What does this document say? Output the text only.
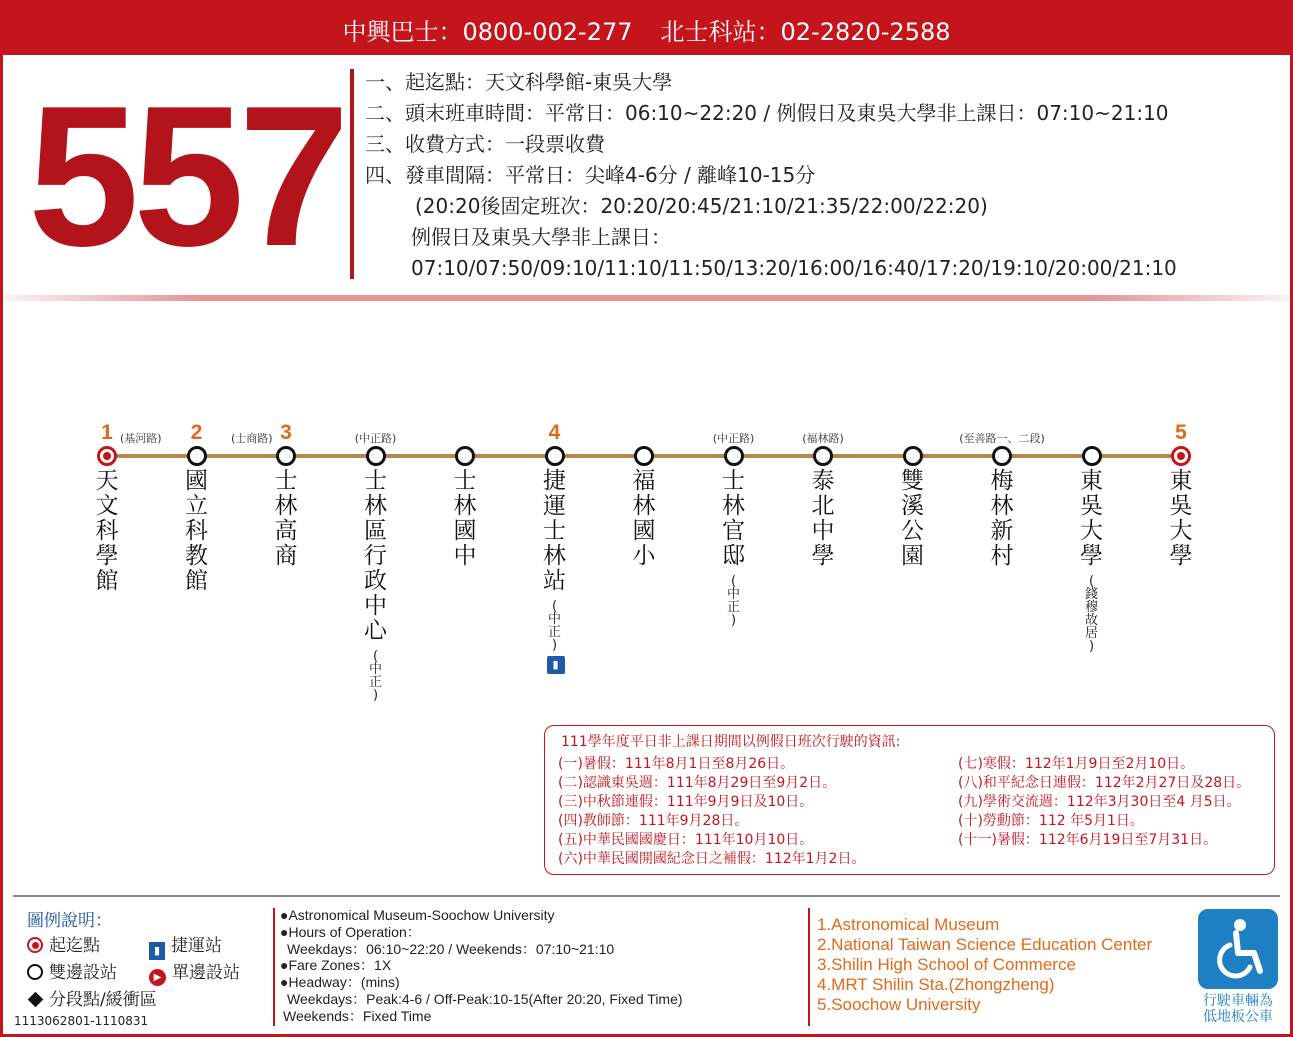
中興巴士：0800-002-277 北士科站：02-2820-2588
557 一、起迄點：天文科學館-東吳大學
二、頭末班車時間：平常日：06:10~22:20 / 例假日及東吳大學非上課日：07:10~21:10
三、收費方式：一段票收費
四、發車間隔：平常日：尖峰4-6分 / 離峰10-15分
(20:20後固定班次：20:20/20:45/21:10/21:35/22:00/22:20)
例假日及東吳大學非上課日：
07:10/07:50/09:10/11:10/11:50/13:20/16:00/16:40/17:20/19:10/20:00/21:10
1 (基河路)
天
文
科
學
館
2
國
立
科
教
館
3
(士商路)
士
林
高
商
(中正路)
士
林
區
行
政
中
心
(
中
正
)
士
林
國
中
4
捷
運
士
林
站
(
中
正
)
▮
福
林
國
小
(中正路)
士
林
官
邸
(
中
正
)
(福林路)
泰
北
中
學
雙
溪
公
園
(至善路一、二段)
梅
林
新
村
東
吳
大
學
(
錢
穆
故
居
)
5
東
吳
大
學
111學年度平日非上課日期間以例假日班次行駛的資訊:
(一)暑假：111年8月1日至8月26日。
(二)認識東吳週：111年8月29日至9月2日。
(三)中秋節連假：111年9月9日及10日。
(四)教師節：111年9月28日。
(五)中華民國國慶日：111年10月10日。
(六)中華民國開國紀念日之補假：112年1月2日。
(七)寒假：112年1月9日至2月10日。
(八)和平紀念日連假：112年2月27日及28日。
(九)學術交流週：112年3月30日至4 月5日。
(十)勞動節：112 年5月1日。
(十一)暑假：112年6月19日至7月31日。
圖例說明：
起迄點	▮ 捷運站
雙邊設站	▶ 單邊設站
分段點/緩衝區
1113062801-1110831
●Astronomical Museum-Soochow University
●Hours of Operation：
Weekdays：06:10~22:20 / Weekends：07:10~21:10
●Fare Zones：1X
●Headway：(mins)
Weekdays：Peak:4-6 / Off-Peak:10-15(After 20:20, Fixed Time)
Weekends：Fixed Time
1.Astronomical Museum
2.National Taiwan Science Education Center
3.Shilin High School of Commerce
4.MRT Shilin Sta.(Zhongzheng)
5.Soochow University	行駛車輛為
低地板公車
